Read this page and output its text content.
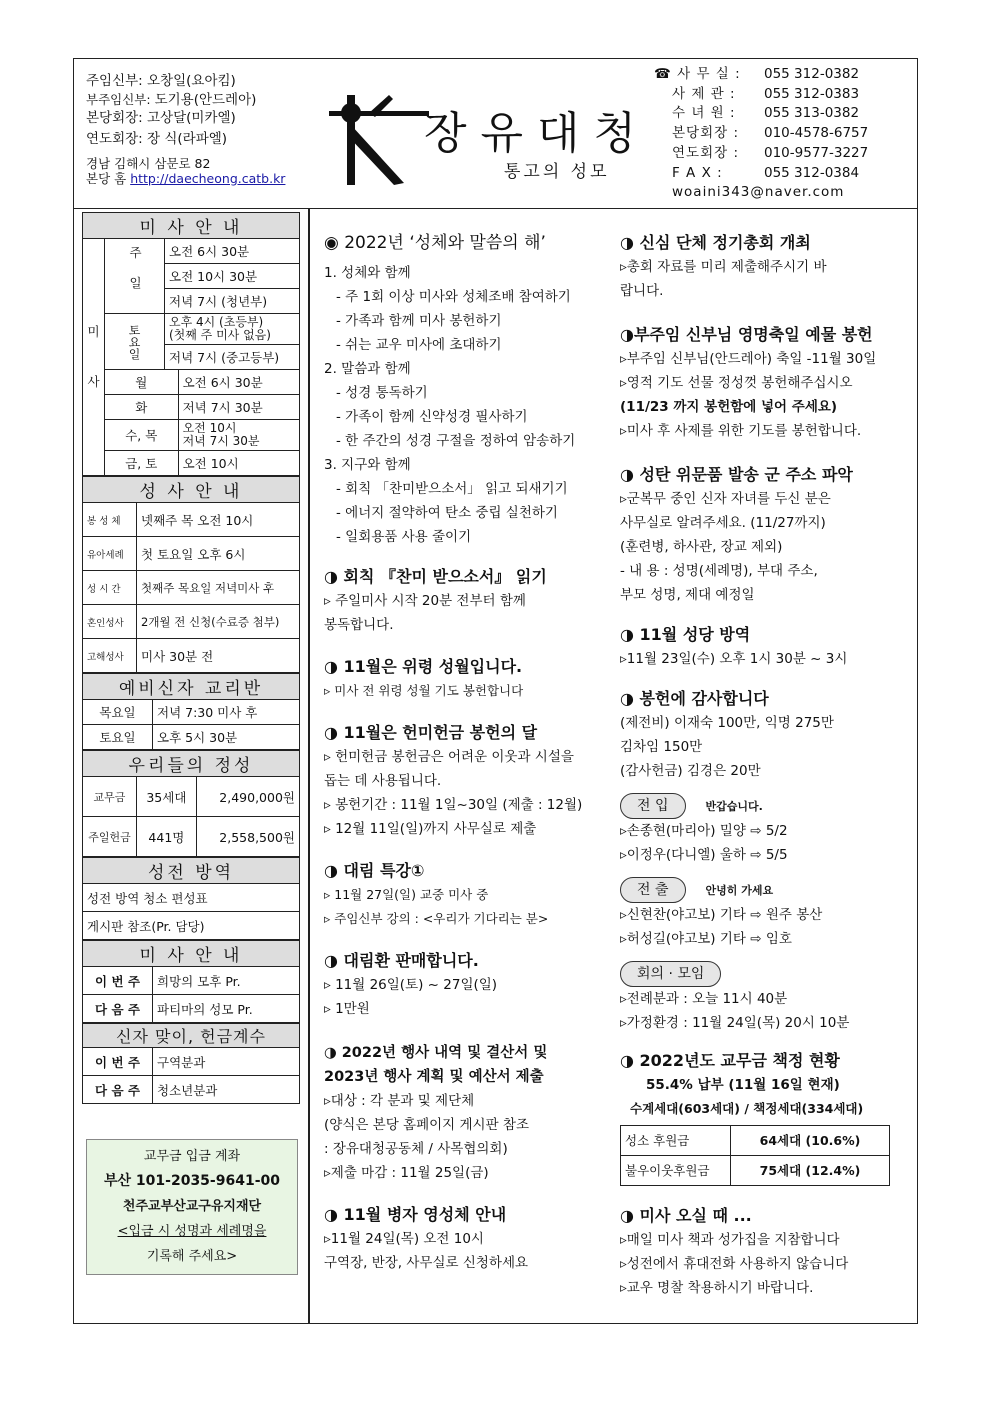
주임신부: 오창일(요아킴)
부주임신부: 도기용(안드레아)
본당회장: 고상달(미카엘)
연도회장: 장 식(라파엘)
경남 김해시 삼문로 82
본당 홈 http://daecheong.catb.kr
장유대청
통고의 성모
☎ 사 무 실 :	055 312-0382
사 제 관 :	055 312-0383
수 녀 원 :	055 313-0382
본당회장 :	010-4578-6757
연도회장 :	010-9577-3227
F A X :	055 312-0384
woaini343@naver.com
미 사 안 내			

미
사	주일	오전 6시 30분	
		오전 10시 30분	
		저녁 7시 (청년부)	
	토요일	오후 4시 (초등부)
(첫째 주 미사 없음)	

		저녁 7시 (중고등부)	
	월		오전 6시 30분
	화		저녁 7시 30분
	수, 목		오전 10시
저녁 7시 30분

	금, 토		오전 10시
성 사 안 내	
봉 성 체	넷째주 목 오전 10시
유아세례	첫 토요일 오후 6시
성 시 간	첫째주 목요일 저녁미사 후
혼인성사	2개월 전 신청(수료증 첨부)
고해성사	미사 30분 전
예비신자 교리반	
목요일	저녁 7:30 미사 후
토요일	오후 5시 30분
우리들의 정성		
교무금	35세대	2,490,000원
주일헌금	441명	2,558,500원
성전 방역
성전 방역 청소 편성표
게시판 참조(Pr. 담당)
미 사 안 내	
이 번 주	희망의 모후 Pr.
다 음 주	파티마의 성모 Pr.
신자 맞이, 헌금계수	
이 번 주	구역분과
다 음 주	청소년분과
교무금 입금 계좌
부산 101-2035-9641-00
천주교부산교구유지재단
<입금 시 성명과 세례명을
기록해 주세요>
◉ 2022년 ‘성체와 말씀의 해’
1. 성체와 함께
- 주 1회 이상 미사와 성체조배 참여하기
- 가족과 함께 미사 봉헌하기
- 쉬는 교우 미사에 초대하기
2. 말씀과 함께
- 성경 통독하기
- 가족이 함께 신약성경 필사하기
- 한 주간의 성경 구절을 정하여 암송하기
3. 지구와 함께
- 회칙 「찬미받으소서」 읽고 되새기기
- 에너지 절약하여 탄소 중립 실천하기
- 일회용품 사용 줄이기
◑ 회칙 『찬미 받으소서』 읽기
▹ 주일미사 시작 20분 전부터 함께
봉독합니다.
◑ 11월은 위령 성월입니다.
▹ 미사 전 위령 성월 기도 봉헌합니다
◑ 11월은 헌미헌금 봉헌의 달
▹ 헌미헌금 봉헌금은 어려운 이웃과 시설을
돕는 데 사용됩니다.
▹ 봉헌기간 : 11월 1일~30일 (제출 : 12월)
▹ 12월 11일(일)까지 사무실로 제출
◑ 대림 특강①
▹ 11월 27일(일) 교중 미사 중
▹ 주임신부 강의 : <우리가 기다리는 분>
◑ 대림환 판매합니다.
▹ 11월 26일(토) ~ 27일(일)
▹ 1만원
◑ 2022년 행사 내역 및 결산서 및
2023년 행사 계획 및 예산서 제출
▹대상 : 각 분과 및 제단체
(양식은 본당 홈페이지 게시판 참조
: 장유대청공동체 / 사목협의회)
▹제출 마감 : 11월 25일(금)
◑ 11월 병자 영성체 안내
▹11월 24일(목) 오전 10시
구역장, 반장, 사무실로 신청하세요
◑ 신심 단체 정기총회 개최
▹총회 자료를 미리 제출해주시기 바
랍니다.
◑부주임 신부님 영명축일 예물 봉헌
▹부주임 신부님(안드레아) 축일 -11월 30일
▹영적 기도 선물 정성껏 봉헌해주십시오
(11/23 까지 봉헌함에 넣어 주세요)
▹미사 후 사제를 위한 기도를 봉헌합니다.
◑ 성탄 위문품 발송 군 주소 파악
▹군복무 중인 신자 자녀를 두신 분은
사무실로 알려주세요. (11/27까지)
(훈련병, 하사관, 장교 제외)
- 내 용 : 성명(세례명), 부대 주소,
부모 성명, 제대 예정일
◑ 11월 성당 방역
▹11월 23일(수) 오후 1시 30분 ~ 3시
◑ 봉헌에 감사합니다
(제전비) 이재숙 100만, 익명 275만
김차임 150만
(감사헌금) 김경은 20만
전 입	반갑습니다.
▹손종현(마리아) 밀양 ⇨ 5/2
▹이정우(다니엘) 울하 ⇨ 5/5
전 출	안녕히 가세요
▹신현찬(야고보) 기타 ⇨ 원주 봉산
▹허성길(야고보) 기타 ⇨ 임호
회의 · 모임
▹전례분과 : 오늘 11시 40분
▹가정환경 : 11월 24일(목) 20시 10분
◑ 2022년도 교무금 책정 현황
55.4% 납부 (11월 16일 현재)
수계세대(603세대) / 책정세대(334세대)
성소 후원금	64세대 (10.6%)
불우이웃후원금	75세대 (12.4%)
◑ 미사 오실 때 ...
▹매일 미사 책과 성가집을 지참합니다
▹성전에서 휴대전화 사용하지 않습니다
▹교우 명찰 착용하시기 바랍니다.
